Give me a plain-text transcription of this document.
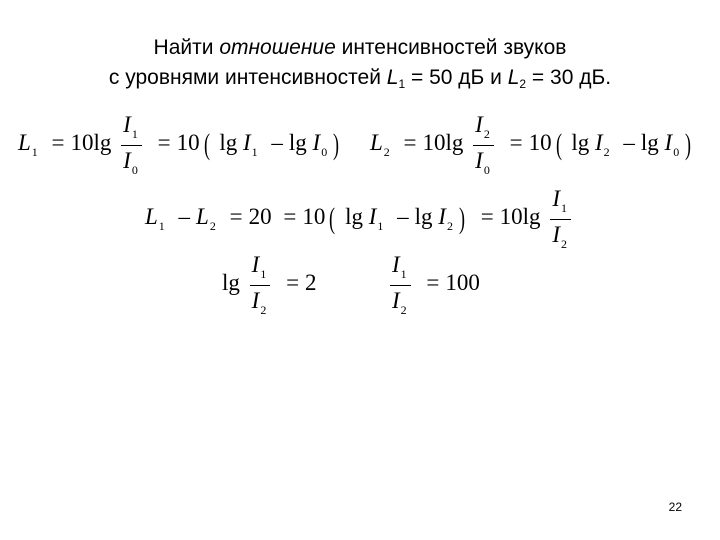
Найти отношение интенсивностей звуков
с уровнями интенсивностей $L_1 = 50$ дБ и $L_2 = 30$ дБ.
$L_1 = 10\lg \frac{I_1}{I_0} = 10$ ( $\lg I_1$ – $\lg I_0$ ) $L_2 = 10\lg \frac{I_2}{I_0} = 10$ ( $\lg I_2$ – $\lg I_0$ )
$L_1 - L_2 = 20 = 10$ ( $\lg I_1$ – $\lg I_2$ ) = $10\lg \frac{I_1}{I_2}$
$\lg \frac{I_1}{I_2} = 2$	$\frac{I_1}{I_2} = 100$
22
